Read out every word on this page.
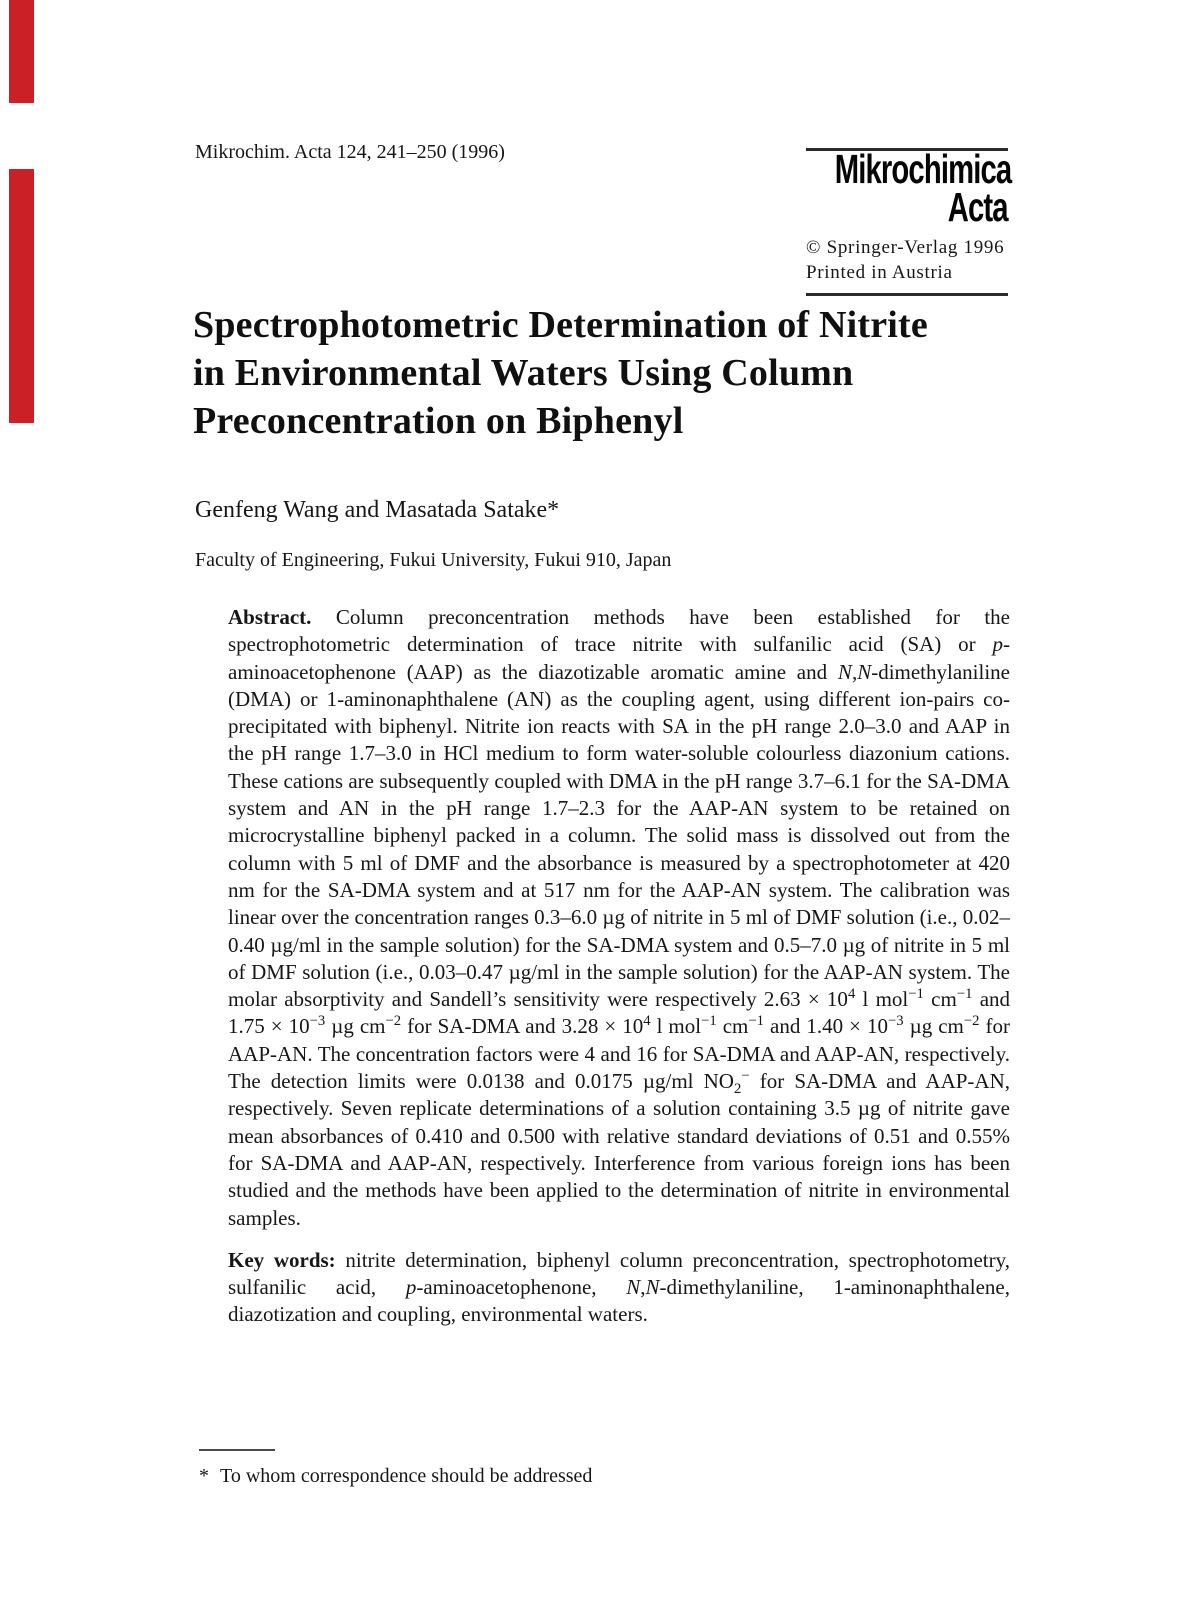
Mikrochim. Acta 124, 241–250 (1996)	Mikrochimica
Acta
© Springer-Verlag 1996
Printed in Austria
Spectrophotometric Determination of Nitrite
in Environmental Waters Using Column
Preconcentration on Biphenyl
Genfeng Wang and Masatada Satake*
Faculty of Engineering, Fukui University, Fukui 910, Japan

Abstract. Column preconcentration methods have been established for the spectrophotometric determination of trace nitrite with sulfanilic acid (SA) or p-aminoacetophenone (AAP) as the diazotizable aromatic amine and N,N-dimethylaniline (DMA) or 1-aminonaphthalene (AN) as the coupling agent, using different ion-pairs co-precipitated with biphenyl. Nitrite ion reacts with SA in the pH range 2.0–3.0 and AAP in the pH range 1.7–3.0 in HCl medium to form water-soluble colourless diazonium cations. These cations are subsequently coupled with DMA in the pH range 3.7–6.1 for the SA-DMA system and AN in the pH range 1.7–2.3 for the AAP-AN system to be retained on microcrystalline biphenyl packed in a column. The solid mass is dissolved out from the column with 5 ml of DMF and the absorbance is measured by a spectrophotometer at 420 nm for the SA-DMA system and at 517 nm for the AAP-AN system. The calibration was linear over the concentration ranges 0.3–6.0 µg of nitrite in 5 ml of DMF solution (i.e., 0.02–0.40 µg/ml in the sample solution) for the SA-DMA system and 0.5–7.0 µg of nitrite in 5 ml of DMF solution (i.e., 0.03–0.47 µg/ml in the sample solution) for the AAP-AN system. The molar absorptivity and Sandell’s sensitivity were respectively $2.63 \times 10^4$ l mol$^{-1}$ $cm^{-1}$ and $1.75 \times 10^{-3}$ µg $cm^{-2}$ for SA-DMA and $3.28 \times 10^4$ l mol$^{-1}$ $cm^{-1}$ and $1.40 \times 10^{-3}$ µg $cm^{-2}$ for AAP-AN. The concentration factors were 4 and 16 for SA-DMA and AAP-AN, respectively. The detection limits were 0.0138 and 0.0175 µg/ml $NO_2^-$ for SA-DMA and AAP-AN, respectively. Seven replicate determinations of a solution containing 3.5 µg of nitrite gave mean absorbances of 0.410 and 0.500 with relative standard deviations of 0.51 and 0.55% for SA-DMA and AAP-AN, respectively. Interference from various foreign ions has been studied and the methods have been applied to the determination of nitrite in environmental samples.

Key words: nitrite determination, biphenyl column preconcentration, spectrophotometry, sulfanilic acid, p-aminoacetophenone, N,N-dimethylaniline, 1-aminonaphthalene, diazotization and coupling, environmental waters.

* To whom correspondence should be addressed
